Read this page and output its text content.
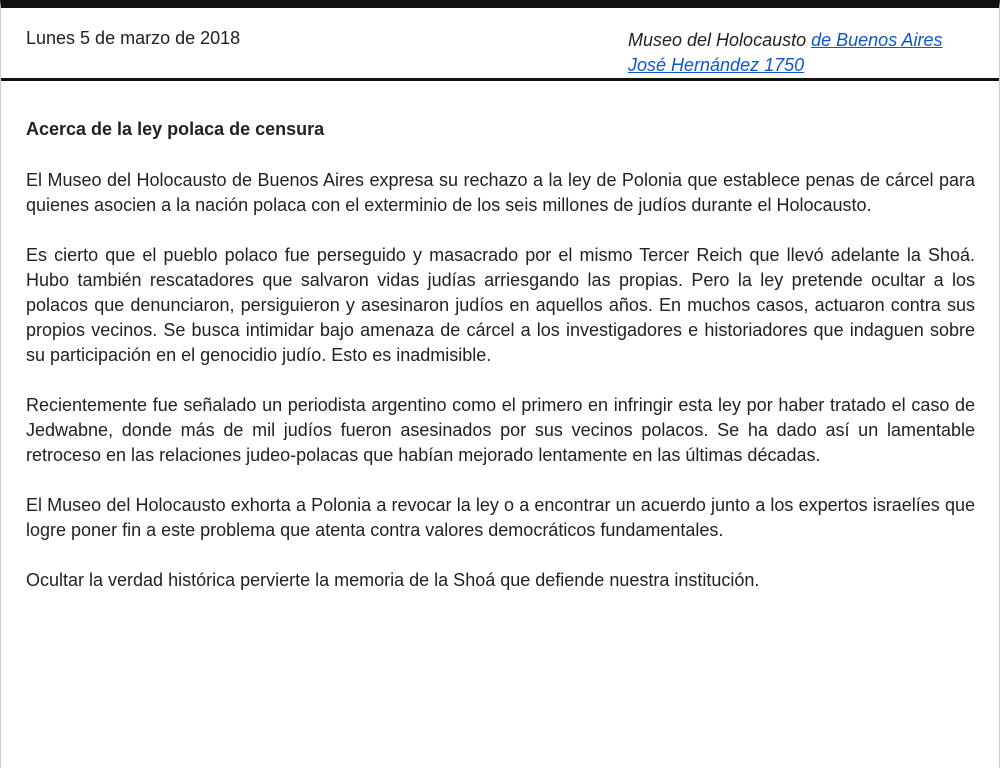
Lunes 5 de marzo de 2018	Museo del Holocausto de Buenos Aires
José Hernández 1750
Acerca de la ley polaca de censura

El Museo del Holocausto de Buenos Aires expresa su rechazo a la ley de Polonia que establece penas de cárcel para quienes asocien a la nación polaca con el exterminio de los seis millones de judíos durante el Holocausto.

Es cierto que el pueblo polaco fue perseguido y masacrado por el mismo Tercer Reich que llevó adelante la Shoá. Hubo también rescatadores que salvaron vidas judías arriesgando las propias. Pero la ley pretende ocultar a los polacos que denunciaron, persiguieron y asesinaron judíos en aquellos años. En muchos casos, actuaron contra sus propios vecinos. Se busca intimidar bajo amenaza de cárcel a los investigadores e historiadores que indaguen sobre su participación en el genocidio judío. Esto es inadmisible.

Recientemente fue señalado un periodista argentino como el primero en infringir esta ley por haber tratado el caso de Jedwabne, donde más de mil judíos fueron asesinados por sus vecinos polacos. Se ha dado así un lamentable retroceso en las relaciones judeo-polacas que habían mejorado lentamente en las últimas décadas.

El Museo del Holocausto exhorta a Polonia a revocar la ley o a encontrar un acuerdo junto a los expertos israelíes que logre poner fin a este problema que atenta contra valores democráticos fundamentales.

Ocultar la verdad histórica pervierte la memoria de la Shoá que defiende nuestra institución.
